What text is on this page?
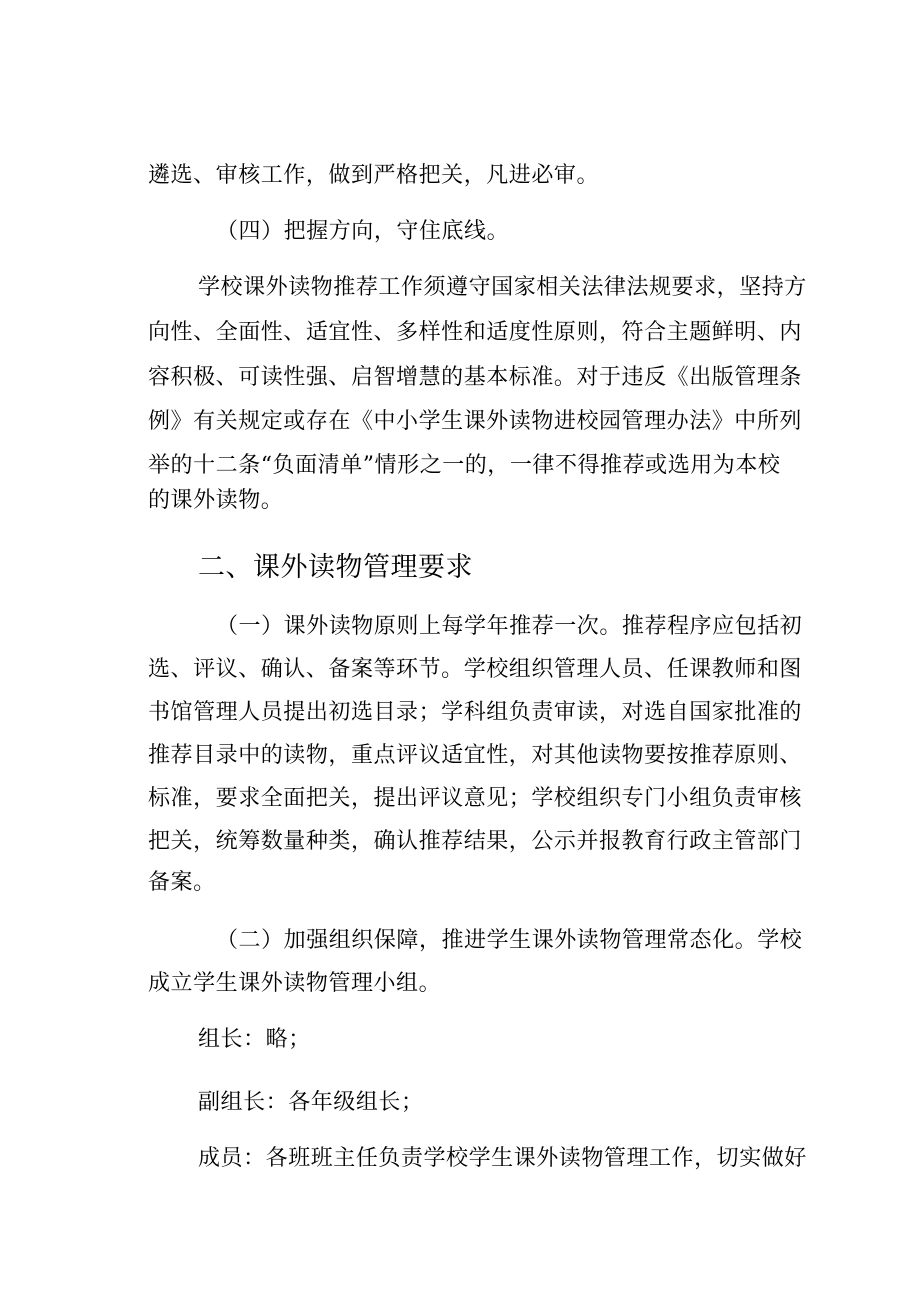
遴选、审核工作，做到严格把关，凡进必审。
（四）把握方向，守住底线。
学校课外读物推荐工作须遵守国家相关法律法规要求，坚持方
向性、全面性、适宜性、多样性和适度性原则，符合主题鲜明、内
容积极、可读性强、启智增慧的基本标准。对于违反《出版管理条
例》有关规定或存在《中小学生课外读物进校园管理办法》中所列
举的十二条“负面清单”情形之一的，一律不得推荐或选用为本校
的课外读物。
二、课外读物管理要求
（一）课外读物原则上每学年推荐一次。推荐程序应包括初
选、评议、确认、备案等环节。学校组织管理人员、任课教师和图
书馆管理人员提出初选目录；学科组负责审读，对选自国家批准的
推荐目录中的读物，重点评议适宜性，对其他读物要按推荐原则、
标准，要求全面把关，提出评议意见；学校组织专门小组负责审核
把关，统筹数量种类，确认推荐结果，公示并报教育行政主管部门
备案。
（二）加强组织保障，推进学生课外读物管理常态化。学校
成立学生课外读物管理小组。
组长：略；
副组长：各年级组长；
成员：各班班主任负责学校学生课外读物管理工作，切实做好
